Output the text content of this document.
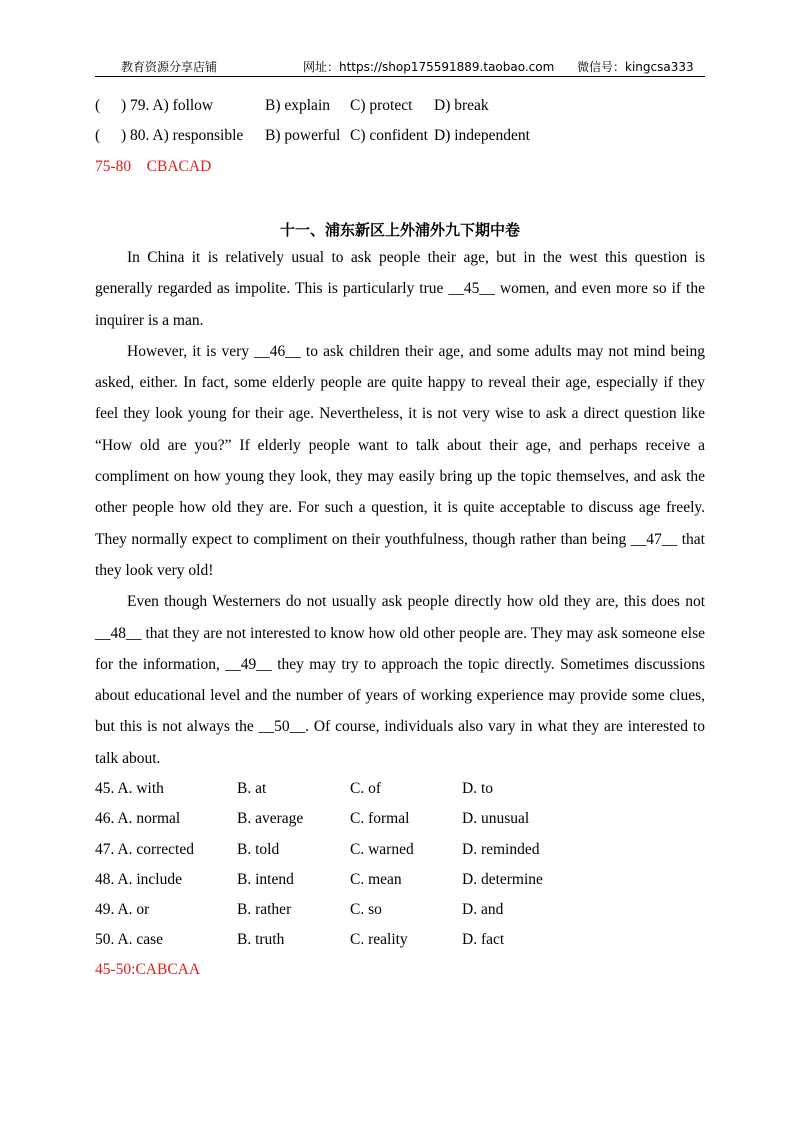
教育资源分享店铺	网址：https://shop175591889.taobao.com 微信号：kingcsa333
( ) 79. A) follow	B) explain C) protect D) break
( ) 80. A) responsible B) powerful C) confident D) independent
75-80    CBACAD
十一、浦东新区上外浦外九下期中卷

In China it is relatively usual to ask people their age, but in the west this question is generally regarded as impolite. This is particularly true __45__ women, and even more so if the inquirer is a man.

However, it is very __46__ to ask children their age, and some adults may not mind being asked, either. In fact, some elderly people are quite happy to reveal their age, especially if they feel they look young for their age. Nevertheless, it is not very wise to ask a direct question like “How old are you?” If elderly people want to talk about their age, and perhaps receive a compliment on how young they look, they may easily bring up the topic themselves, and ask the other people how old they are. For such a question, it is quite acceptable to discuss age freely. They normally expect to compliment on their youthfulness, though rather than being __47__ that they look very old!

Even though Westerners do not usually ask people directly how old they are, this does not __48__ that they are not interested to know how old other people are. They may ask someone else for the information, __49__ they may try to approach the topic directly. Sometimes discussions about educational level and the number of years of working experience may provide some clues, but this is not always the __50__. Of course, individuals also vary in what they are interested to talk about.

45. A. with	B. at	C. of	D. to
46. A. normal	B. average	C. formal	D. unusual
47. A. corrected	B. told	C. warned	D. reminded
48. A. include	B. intend	C. mean	D. determine
49. A. or	B. rather	C. so	D. and
50. A. case	B. truth	C. reality	D. fact
45-50:CABCAA
